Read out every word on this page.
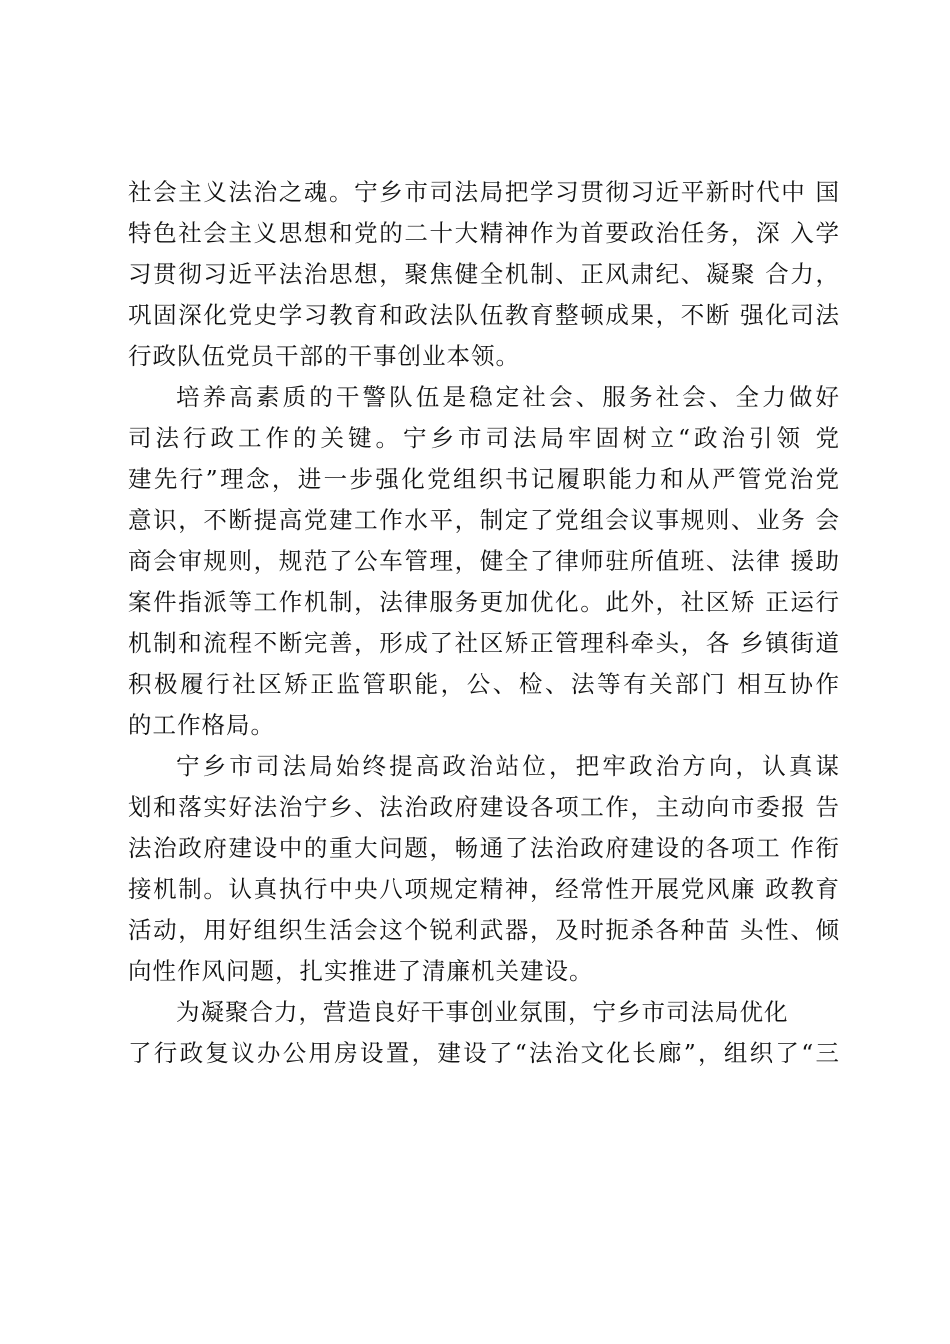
社会主义法治之魂。宁乡市司法局把学习贯彻习近平新时代中 国
特色社会主义思想和党的二十大精神作为首要政治任务，深 入学
习贯彻习近平法治思想，聚焦健全机制、正风肃纪、凝聚 合力，
巩固深化党史学习教育和政法队伍教育整顿成果，不断 强化司法
行政队伍党员干部的干事创业本领。
培养高素质的干警队伍是稳定社会、服务社会、全力做好
司法行政工作的关键。宁乡市司法局牢固树立“政治引领 党
建先行”理念，进一步强化党组织书记履职能力和从严管党治党
意识，不断提高党建工作水平，制定了党组会议事规则、业务 会
商会审规则，规范了公车管理，健全了律师驻所值班、法律 援助
案件指派等工作机制，法律服务更加优化。此外，社区矫 正运行
机制和流程不断完善，形成了社区矫正管理科牵头，各 乡镇街道
积极履行社区矫正监管职能，公、检、法等有关部门 相互协作
的工作格局。
宁乡市司法局始终提高政治站位，把牢政治方向，认真谋
划和落实好法治宁乡、法治政府建设各项工作，主动向市委报 告
法治政府建设中的重大问题，畅通了法治政府建设的各项工 作衔
接机制。认真执行中央八项规定精神，经常性开展党风廉 政教育
活动，用好组织生活会这个锐利武器，及时扼杀各种苗 头性、倾
向性作风问题，扎实推进了清廉机关建设。
为凝聚合力，营造良好干事创业氛围，宁乡市司法局优化
了行政复议办公用房设置，建设了“法治文化长廊”，组织了“三
